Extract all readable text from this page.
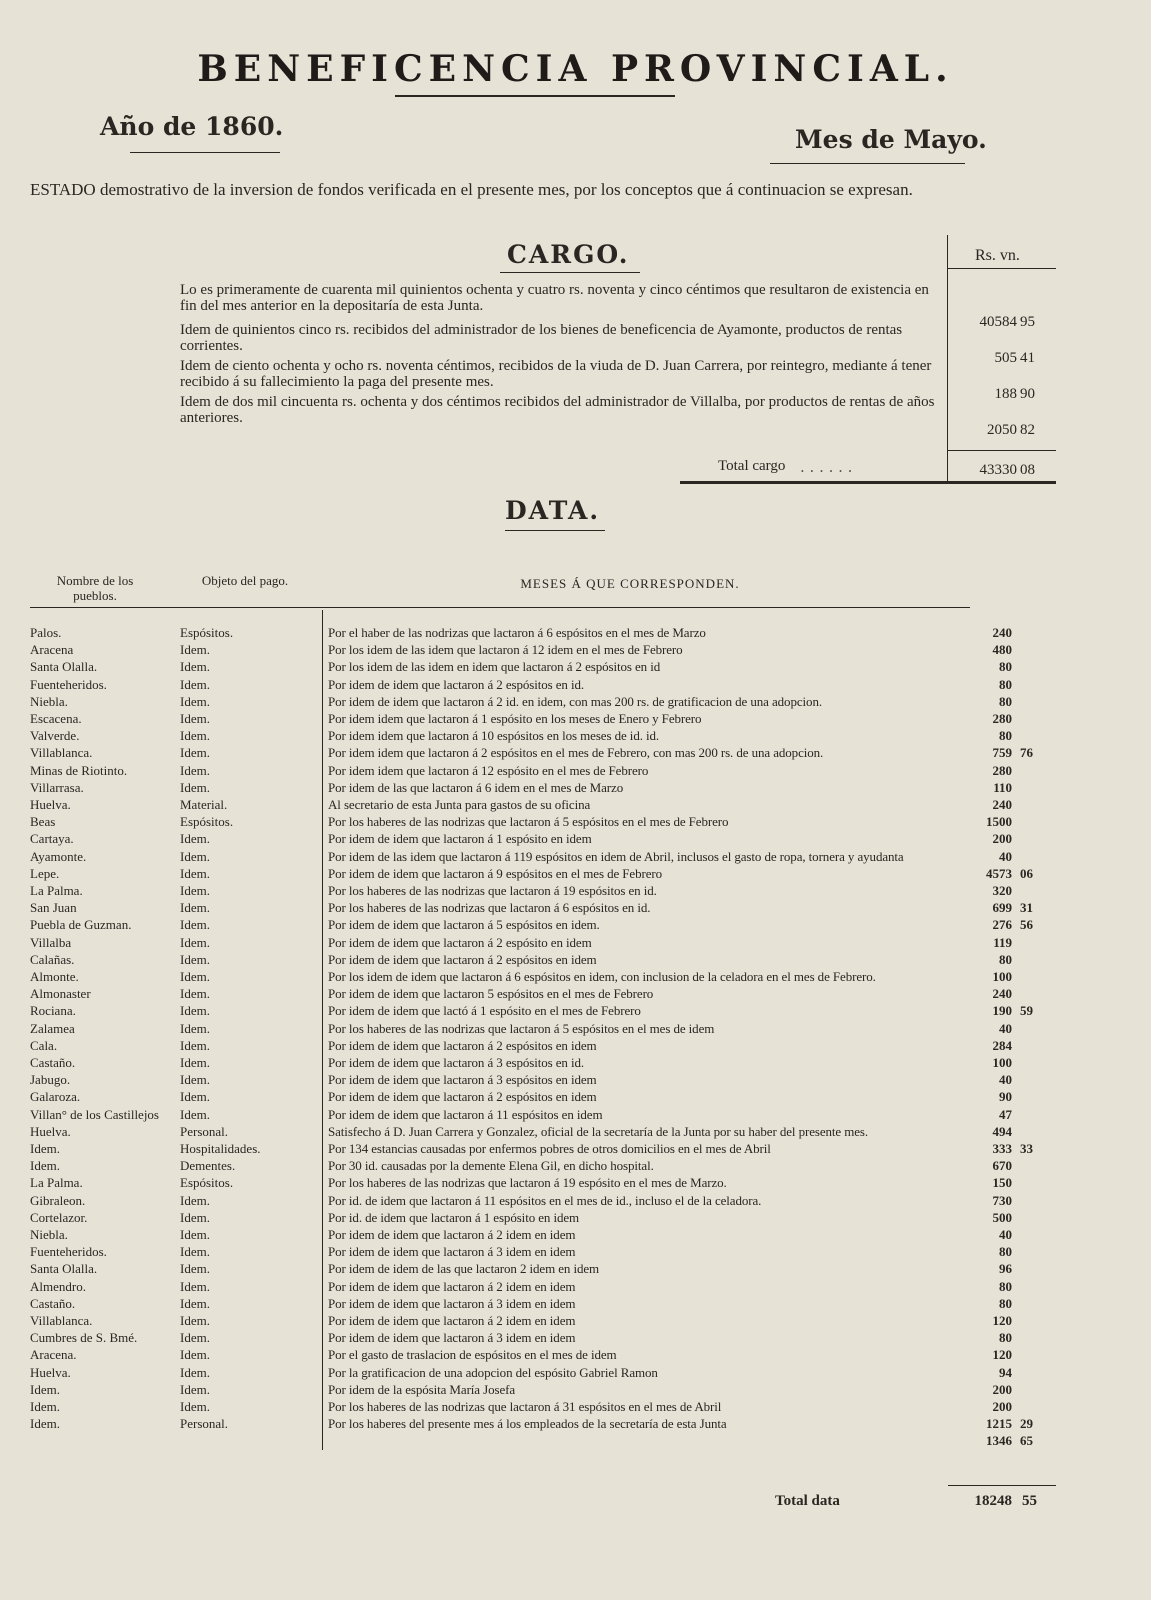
BENEFICENCIA PROVINCIAL.
Año de 1860.	Mes de Mayo.
ESTADO demostrativo de la inversion de fondos verificada en el presente mes, por los conceptos que á continuacion se expresan.
CARGO.	Rs. vn.
Lo es primeramente de cuarenta mil quinientos ochenta y cuatro rs. noventa y cinco céntimos que resultaron de existencia en fin del mes anterior en la depositaría de esta Junta.
40584 95
Idem de quinientos cinco rs. recibidos del administrador de los bienes de beneficencia de Ayamonte, productos de rentas corrientes.
505 41
Idem de ciento ochenta y ocho rs. noventa céntimos, recibidos de la viuda de D. Juan Carrera, por reintegro, mediante á tener recibido á su fallecimiento la paga del presente mes.
188 90
Idem de dos mil cincuenta rs. ochenta y dos céntimos recibidos del administrador de Villalba, por productos de rentas de años anteriores.
2050 82
Total cargo . . . . . .	43330 08
DATA.
Nombre de los pueblos.
Objeto del pago.	MESES Á QUE CORRESPONDEN.
Palos.	Espósitos.	Por el haber de las nodrizas que lactaron á 6 espósitos en el mes de Marzo	240
Aracena	Idem.	Por los idem de las idem que lactaron á 12 idem en el mes de Febrero	480
Santa Olalla.	Idem.	Por los idem de las idem en idem que lactaron á 2 espósitos en id	80
Fuenteheridos.	Idem.	Por idem de idem que lactaron á 2 espósitos en id.	80
Niebla.	Idem.	Por idem de idem que lactaron á 2 id. en idem, con mas 200 rs. de gratificacion de una adopcion.	80
Escacena.	Idem.	Por idem idem que lactaron á 1 espósito en los meses de Enero y Febrero	280
Valverde.	Idem.	Por idem idem que lactaron á 10 espósitos en los meses de id. id.	80
Villablanca.	Idem.	Por idem idem que lactaron á 2 espósitos en el mes de Febrero, con mas 200 rs. de una adopcion.	759 76
Minas de Riotinto.	Idem.	Por idem idem que lactaron á 12 espósito en el mes de Febrero	280
Villarrasa.	Idem.	Por idem de las que lactaron á 6 idem en el mes de Marzo	110
Huelva.	Material.	Al secretario de esta Junta para gastos de su oficina	240
Beas	Espósitos.	Por los haberes de las nodrizas que lactaron á 5 espósitos en el mes de Febrero	1500
Cartaya.	Idem.	Por idem de idem que lactaron á 1 espósito en idem	200
Ayamonte.	Idem.	Por idem de las idem que lactaron á 119 espósitos en idem de Abril, inclusos el gasto de ropa, tornera y ayudanta	40
Lepe.	Idem.	Por idem de idem que lactaron á 9 espósitos en el mes de Febrero	4573 06
La Palma.	Idem.	Por los haberes de las nodrizas que lactaron á 19 espósitos en id.	320
San Juan	Idem.	Por los haberes de las nodrizas que lactaron á 6 espósitos en id.	699 31
Puebla de Guzman.	Idem.	Por idem de idem que lactaron á 5 espósitos en idem.	276 56
Villalba	Idem.	Por idem de idem que lactaron á 2 espósito en idem	119
Calañas.	Idem.	Por idem de idem que lactaron á 2 espósitos en idem	80
Almonte.	Idem.	Por los idem de idem que lactaron á 6 espósitos en idem, con inclusion de la celadora en el mes de Febrero.	100
Almonaster	Idem.	Por idem de idem que lactaron 5 espósitos en el mes de Febrero	240
Rociana.	Idem.	Por idem de idem que lactó á 1 espósito en el mes de Febrero	190 59
Zalamea	Idem.	Por los haberes de las nodrizas que lactaron á 5 espósitos en el mes de idem	40
Cala.	Idem.	Por idem de idem que lactaron á 2 espósitos en idem	284
Castaño.	Idem.	Por idem de idem que lactaron á 3 espósitos en id.	100
Jabugo.	Idem.	Por idem de idem que lactaron á 3 espósitos en idem	40
Galaroza.	Idem.	Por idem de idem que lactaron á 2 espósitos en idem	90
Villan° de los Castillejos	Idem.	Por idem de idem que lactaron á 11 espósitos en idem	47
Huelva.	Personal.	Satisfecho á D. Juan Carrera y Gonzalez, oficial de la secretaría de la Junta por su haber del presente mes.	494
Idem.	Hospitalidades.	Por 134 estancias causadas por enfermos pobres de otros domicilios en el mes de Abril	333 33
Idem.	Dementes.	Por 30 id. causadas por la demente Elena Gil, en dicho hospital.	670
La Palma.	Espósitos.	Por los haberes de las nodrizas que lactaron á 19 espósito en el mes de Marzo.	150
Gibraleon.	Idem.	Por id. de idem que lactaron á 11 espósitos en el mes de id., incluso el de la celadora.	730
Cortelazor.	Idem.	Por id. de idem que lactaron á 1 espósito en idem	500
Niebla.	Idem.	Por idem de idem que lactaron á 2 idem en idem	40
Fuenteheridos.	Idem.	Por idem de idem que lactaron á 3 idem en idem	80
Santa Olalla.	Idem.	Por idem de idem de las que lactaron 2 idem en idem	96
Almendro.	Idem.	Por idem de idem que lactaron á 2 idem en idem	80
Castaño.	Idem.	Por idem de idem que lactaron á 3 idem en idem	80
Villablanca.	Idem.	Por idem de idem que lactaron á 2 idem en idem	120
Cumbres de S. Bmé.	Idem.	Por idem de idem que lactaron á 3 idem en idem	80
Aracena.	Idem.	Por el gasto de traslacion de espósitos en el mes de idem	120
Huelva.	Idem.	Por la gratificacion de una adopcion del espósito Gabriel Ramon	94
Idem.	Idem.	Por idem de la espósita María Josefa	200
Idem.	Idem.	Por los haberes de las nodrizas que lactaron á 31 espósitos en el mes de Abril	200
Idem.	Personal.	Por los haberes del presente mes á los empleados de la secretaría de esta Junta	1215 29
1346 65
Total data	18248 55
